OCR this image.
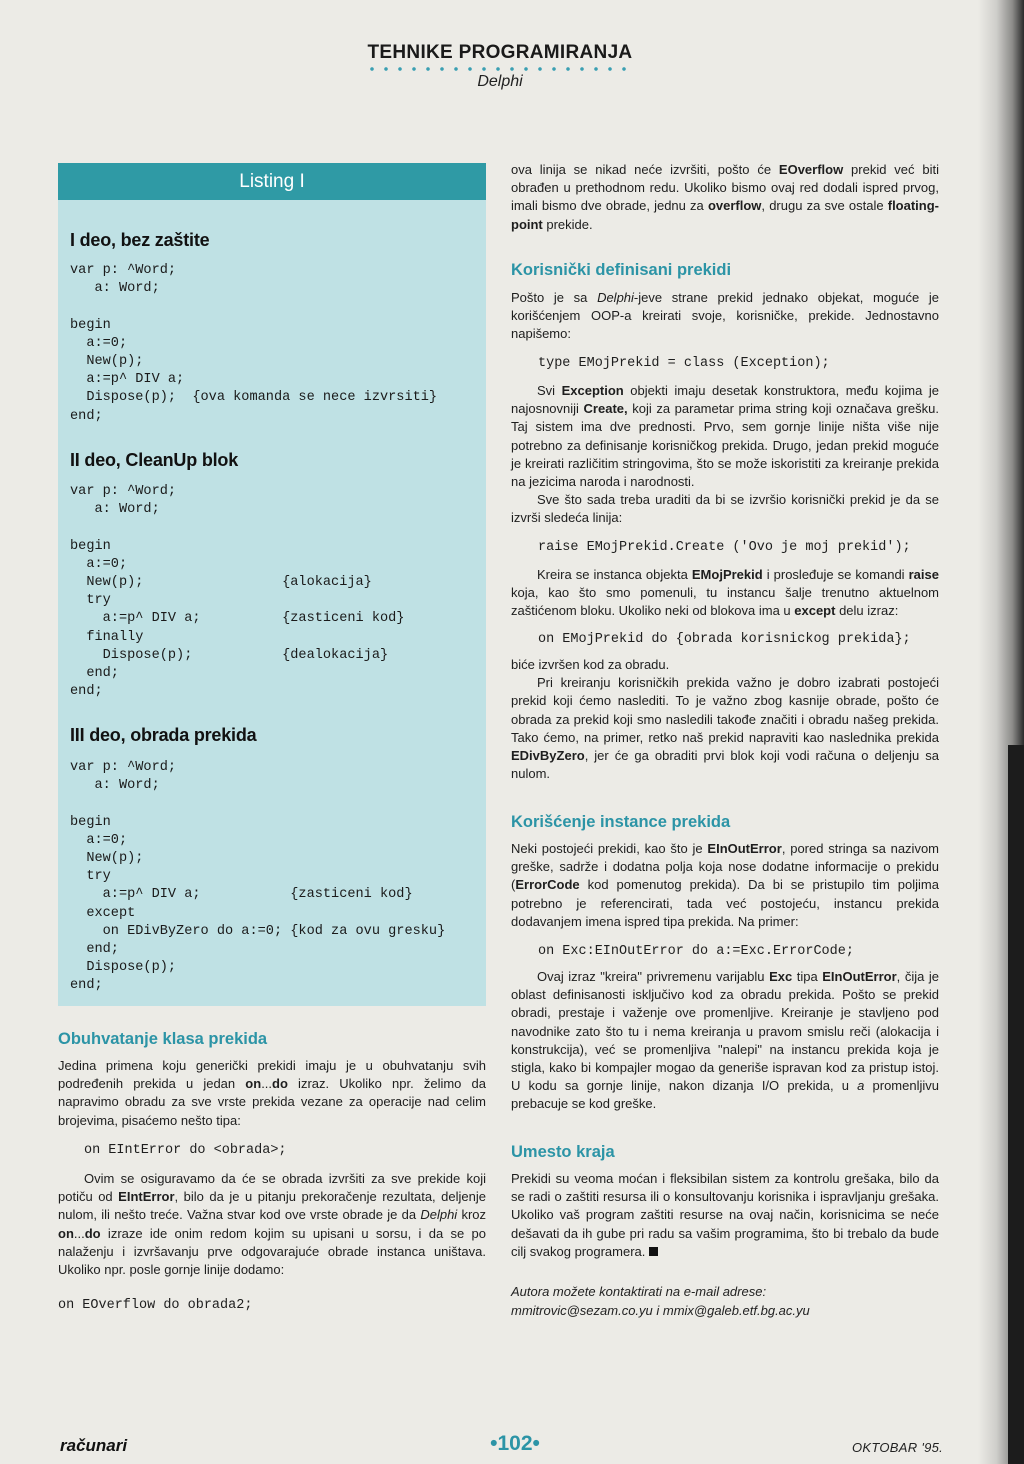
TEHNIKE PROGRAMIRANJA
Delphi
Listing I
I deo, bez zaštite
var p: ^Word;
a: Word;

begin
a:=0;
New(p);
a:=p^ DIV a;
Dispose(p);  {ova komanda se nece izvrsiti}
end;
II deo, CleanUp blok
var p: ^Word;
a: Word;

begin
a:=0;
New(p);                 {alokacija}
try
a:=p^ DIV a;          {zasticeni kod}
finally
Dispose(p);           {dealokacija}
end;
end;
III deo, obrada prekida
var p: ^Word;
a: Word;

begin
a:=0;
New(p);
try
a:=p^ DIV a;           {zasticeni kod}
except
on EDivByZero do a:=0; {kod za ovu gresku}
end;
Dispose(p);
end;
Obuhvatanje klasa prekida

Jedina primena koju generički prekidi imaju je u obuhvatanju svih podređenih prekida u jedan on...do izraz. Ukoliko npr. želimo da napravimo obradu za sve vrste prekida vezane za operacije nad celim brojevima, pisaćemo nešto tipa:

on EIntError do <obrada>;

Ovim se osiguravamo da će se obrada izvršiti za sve prekide koji potiču od EIntError, bilo da je u pitanju prekoračenje rezultata, deljenje nulom, ili nešto treće. Važna stvar kod ove vrste obrade je da Delphi kroz on...do izraze ide onim redom kojim su upisani u sorsu, i da se po nalaženju i izvršavanju prve odgovarajuće obrade instanca uništava. Ukoliko npr. posle gornje linije dodamo:

on EOverflow do obrada2;

ova linija se nikad neće izvršiti, pošto će EOverflow prekid već biti obrađen u prethodnom redu. Ukoliko bismo ovaj red dodali ispred prvog, imali bismo dve obrade, jednu za overflow, drugu za sve ostale floating-point prekide.

Korisnički definisani prekidi

Pošto je sa Delphi-jeve strane prekid jednako objekat, moguće je korišćenjem OOP-a kreirati svoje, korisničke, prekide. Jednostavno napišemo:

type EMojPrekid = class (Exception);

Svi Exception objekti imaju desetak konstruktora, među kojima je najosnovniji Create, koji za parametar prima string koji označava grešku. Taj sistem ima dve prednosti. Prvo, sem gornje linije ništa više nije potrebno za definisanje korisničkog prekida. Drugo, jedan prekid moguće je kreirati različitim stringovima, što se može iskoristiti za kreiranje prekida na jezicima naroda i narodnosti.

Sve što sada treba uraditi da bi se izvršio korisnički prekid je da se izvrši sledeća linija:

raise EMojPrekid.Create ('Ovo je moj prekid');

Kreira se instanca objekta EMojPrekid i prosleđuje se komandi raise koja, kao što smo pomenuli, tu instancu šalje trenutno aktuelnom zaštićenom bloku. Ukoliko neki od blokova ima u except delu izraz:

on EMojPrekid do {obrada korisnickog prekida};

biće izvršen kod za obradu.

Pri kreiranju korisničkih prekida važno je dobro izabrati postojeći prekid koji ćemo naslediti. To je važno zbog kasnije obrade, pošto će obrada za prekid koji smo nasledili takođe značiti i obradu našeg prekida. Tako ćemo, na primer, retko naš prekid napraviti kao naslednika prekida EDivByZero, jer će ga obraditi prvi blok koji vodi računa o deljenju sa nulom.

Korišćenje instance prekida

Neki postojeći prekidi, kao što je EInOutError, pored stringa sa nazivom greške, sadrže i dodatna polja koja nose dodatne informacije o prekidu (ErrorCode kod pomenutog prekida). Da bi se pristupilo tim poljima potrebno je referencirati, tada već postojeću, instancu prekida dodavanjem imena ispred tipa prekida. Na primer:

on Exc:EInOutError do a:=Exc.ErrorCode;

Ovaj izraz "kreira" privremenu varijablu Exc tipa EInOutError, čija je oblast definisanosti isključivo kod za obradu prekida. Pošto se prekid obradi, prestaje i važenje ove promenljive. Kreiranje je stavljeno pod navodnike zato što tu i nema kreiranja u pravom smislu reči (alokacija i konstrukcija), već se promenljiva "nalepi" na instancu prekida koja je stigla, kako bi kompajler mogao da generiše ispravan kod za pristup istoj. U kodu sa gornje linije, nakon dizanja I/O prekida, u a promenljivu prebacuje se kod greške.

Umesto kraja

Prekidi su veoma moćan i fleksibilan sistem za kontrolu grešaka, bilo da se radi o zaštiti resursa ili o konsultovanju korisnika i ispravljanju grešaka. Ukoliko vaš program zaštiti resurse na ovaj način, korisnicima se neće dešavati da ih gube pri radu sa vašim programima, što bi trebalo da bude cilj svakog programera.

Autora možete kontaktirati na e-mail adrese:
mmitrovic@sezam.co.yu i mmix@galeb.etf.bg.ac.yu
računari	•102•	OKTOBAR '95.
